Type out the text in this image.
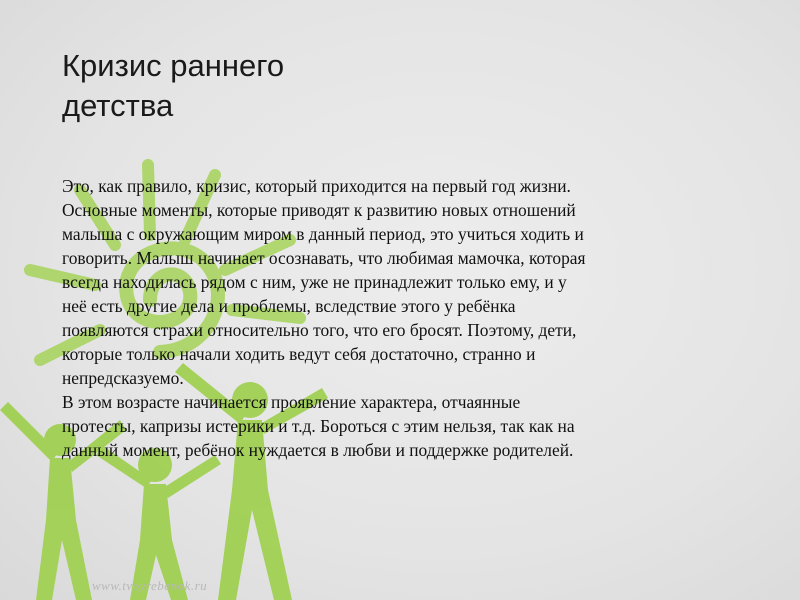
Кризис раннего
детства

Это, как правило, кризис, который приходится на первый год жизни.
Основные моменты, которые приводят к развитию новых отношений
малыша с окружающим миром в данный период, это учиться ходить и
говорить. Малыш начинает осознавать, что любимая мамочка, которая
всегда находилась рядом с ним, уже не принадлежит только ему, и у
неё есть другие дела и проблемы, вследствие этого у ребёнка
появляются страхи относительно того, что его бросят. Поэтому, дети,
которые только начали ходить ведут себя достаточно, странно и
непредсказуемо.

В этом возрасте начинается проявление характера, отчаянные
протесты, капризы истерики и т.д. Бороться с этим нельзя, так как на
данный момент, ребёнок нуждается в любви и поддержке родителей.

www.tvoyrebenok.ru
